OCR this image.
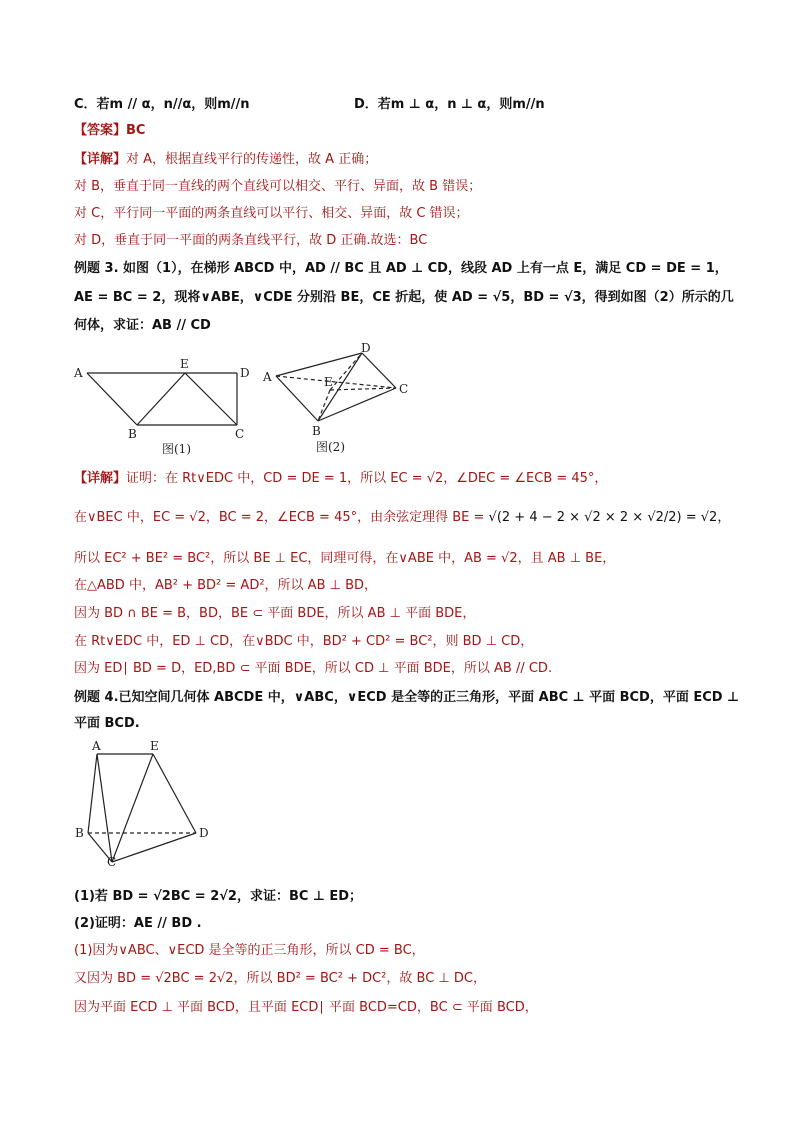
C．若m // α，n//α，则m//n	D．若m ⊥ α，n ⊥ α，则m//n
【答案】BC
【详解】对 A，根据直线平行的传递性，故 A 正确；
对 B，垂直于同一直线的两个直线可以相交、平行、异面，故 B 错误；
对 C，平行同一平面的两条直线可以平行、相交、异面，故 C 错误；
对 D，垂直于同一平面的两条直线平行，故 D 正确.故选：BC
例题 3. 如图（1），在梯形 ABCD 中，AD // BC 且 AD ⊥ CD，线段 AD 上有一点 E，满足 CD = DE = 1，
AE = BC = 2，现将∨ABE，∨CDE 分别沿 BE，CE 折起，使 AD = √5，BD = √3，得到如图（2）所示的几
何体，求证：AB // CD
A
E
D
B	C
图(1)
A
D
E	C
B
图(2)
【详解】证明：在 Rt∨EDC 中，CD = DE = 1，所以 EC = √2，∠DEC = ∠ECB = 45°，
在∨BEC 中，EC = √2，BC = 2，∠ECB = 45°，由余弦定理得 BE = √(2 + 4 − 2 × √2 × 2 × √2/2) = √2，
所以 EC² + BE² = BC²，所以 BE ⊥ EC，同理可得，在∨ABE 中，AB = √2，且 AB ⊥ BE，
在△ABD 中，AB² + BD² = AD²，所以 AB ⊥ BD，
因为 BD ∩ BE = B，BD，BE ⊂ 平面 BDE，所以 AB ⊥ 平面 BDE，
在 Rt∨EDC 中，ED ⊥ CD，在∨BDC 中，BD² + CD² = BC²，则 BD ⊥ CD，
因为 ED∣ BD = D，ED,BD ⊂ 平面 BDE，所以 CD ⊥ 平面 BDE，所以 AB // CD.
例题 4.已知空间几何体 ABCDE 中，∨ABC，∨ECD 是全等的正三角形，平面 ABC ⊥ 平面 BCD，平面 ECD ⊥
平面 BCD.
A	E
B	D
C
(1)若 BD = √2BC = 2√2，求证：BC ⊥ ED；
(2)证明：AE // BD .
(1)因为∨ABC、∨ECD 是全等的正三角形，所以 CD = BC，
又因为 BD = √2BC = 2√2，所以 BD² = BC² + DC²，故 BC ⊥ DC，
因为平面 ECD ⊥ 平面 BCD，且平面 ECD∣ 平面 BCD=CD，BC ⊂ 平面 BCD，
